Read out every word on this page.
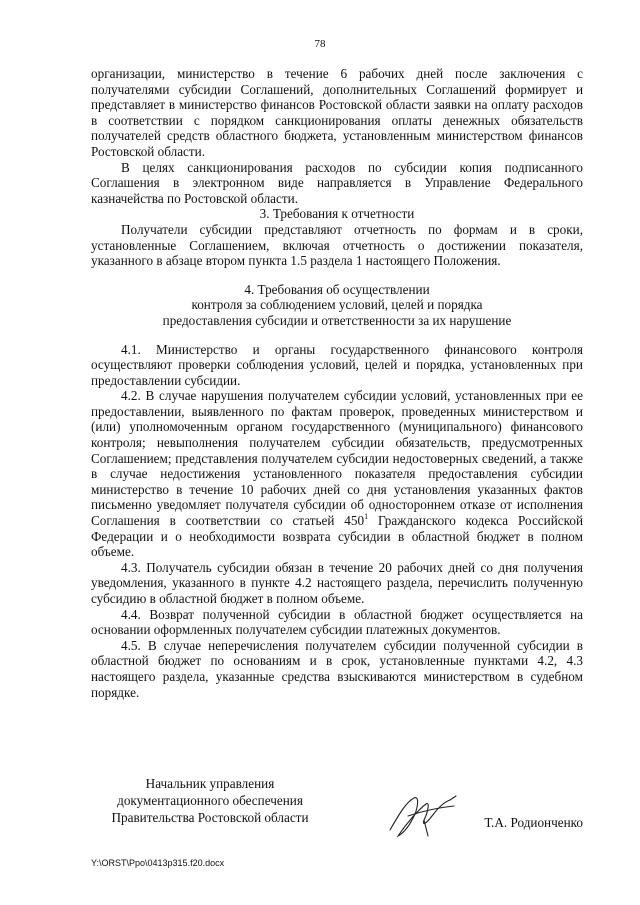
78

организации, министерство в течение 6 рабочих дней после заключения с получателями субсидии Соглашений, дополнительных Соглашений формирует и представляет в министерство финансов Ростовской области заявки на оплату расходов в соответствии с порядком санкционирования оплаты денежных обязательств получателей средств областного бюджета, установленным министерством финансов Ростовской области.

В целях санкционирования расходов по субсидии копия подписанного Соглашения в электронном виде направляется в Управление Федерального казначейства по Ростовской области.

3. Требования к отчетности

Получатели субсидии представляют отчетность по формам и в сроки, установленные Соглашением, включая отчетность о достижении показателя, указанного в абзаце втором пункта 1.5 раздела 1 настоящего Положения.

4. Требования об осуществлении

контроля за соблюдением условий, целей и порядка

предоставления субсидии и ответственности за их нарушение

4.1. Министерство и органы государственного финансового контроля осуществляют проверки соблюдения условий, целей и порядка, установленных при предоставлении субсидии.

4.2. В случае нарушения получателем субсидии условий, установленных при ее предоставлении, выявленного по фактам проверок, проведенных министерством и (или) уполномоченным органом государственного (муниципального) финансового контроля; невыполнения получателем субсидии обязательств, предусмотренных Соглашением; представления получателем субсидии недостоверных сведений, а также в случае недостижения установленного показателя предоставления субсидии министерство в течение 10 рабочих дней со дня установления указанных фактов письменно уведомляет получателя субсидии об одностороннем отказе от исполнения Соглашения в соответствии со статьей $450^1$ Гражданского кодекса Российской Федерации и о необходимости возврата субсидии в областной бюджет в полном объеме.

4.3. Получатель субсидии обязан в течение 20 рабочих дней со дня получения уведомления, указанного в пункте 4.2 настоящего раздела, перечислить полученную субсидию в областной бюджет в полном объеме.

4.4. Возврат полученной субсидии в областной бюджет осуществляется на основании оформленных получателем субсидии платежных документов.

4.5. В случае неперечисления получателем субсидии полученной субсидии в областной бюджет по основаниям и в срок, установленные пунктами 4.2, 4.3 настоящего раздела, указанные средства взыскиваются министерством в судебном порядке.

Начальник управления
документационного обеспечения
Правительства Ростовской области	Т.А. Родионченко
Y:\ORST\Ppo\0413p315.f20.docx
